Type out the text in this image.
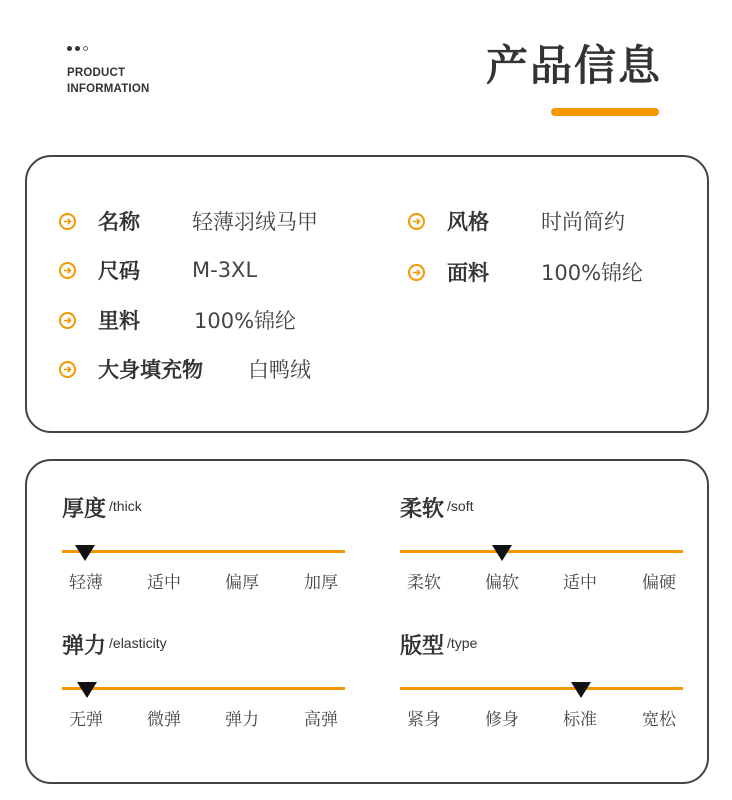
PRODUCT
INFORMATION	产品信息
名称	轻薄羽绒马甲	风格	时尚简约
尺码	M-3XL	面料	100%锦纶
里料	100%锦纶
大身填充物	白鸭绒
厚度 /thick
轻薄	适中	偏厚	加厚
柔软 /soft
柔软	偏软	适中	偏硬
弹力 /elasticity
无弹	微弹	弹力	高弹
版型 /type
紧身	修身	标准	宽松
